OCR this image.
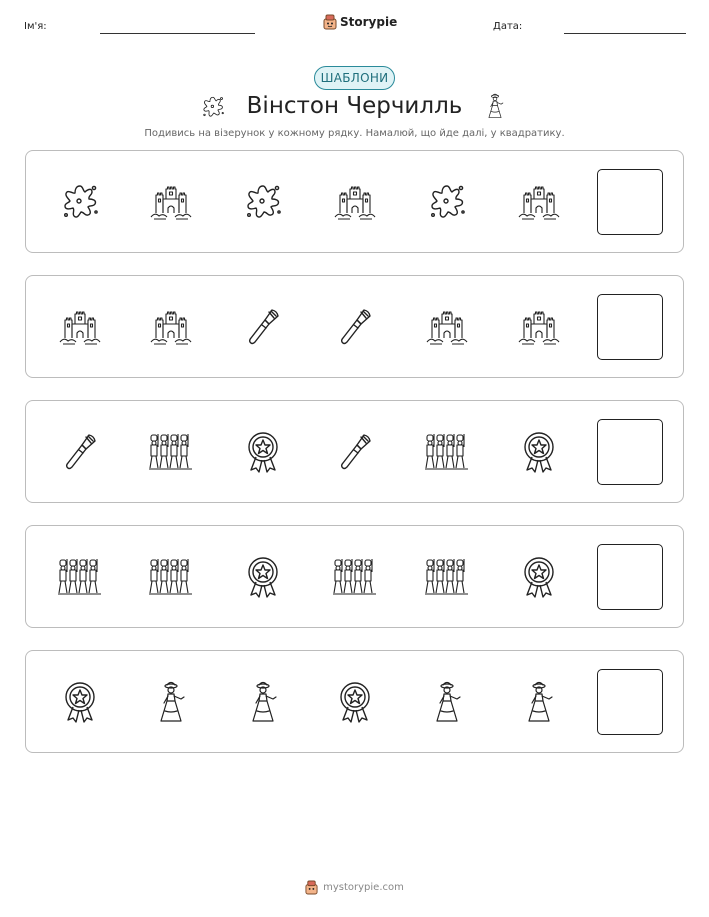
Ім'я:	Storypie	Дата:
ШАБЛОНИ
Вінстон Черчилль
Подивись на візерунок у кожному рядку. Намалюй, що йде далі, у квадратику.
mystorypie.com
